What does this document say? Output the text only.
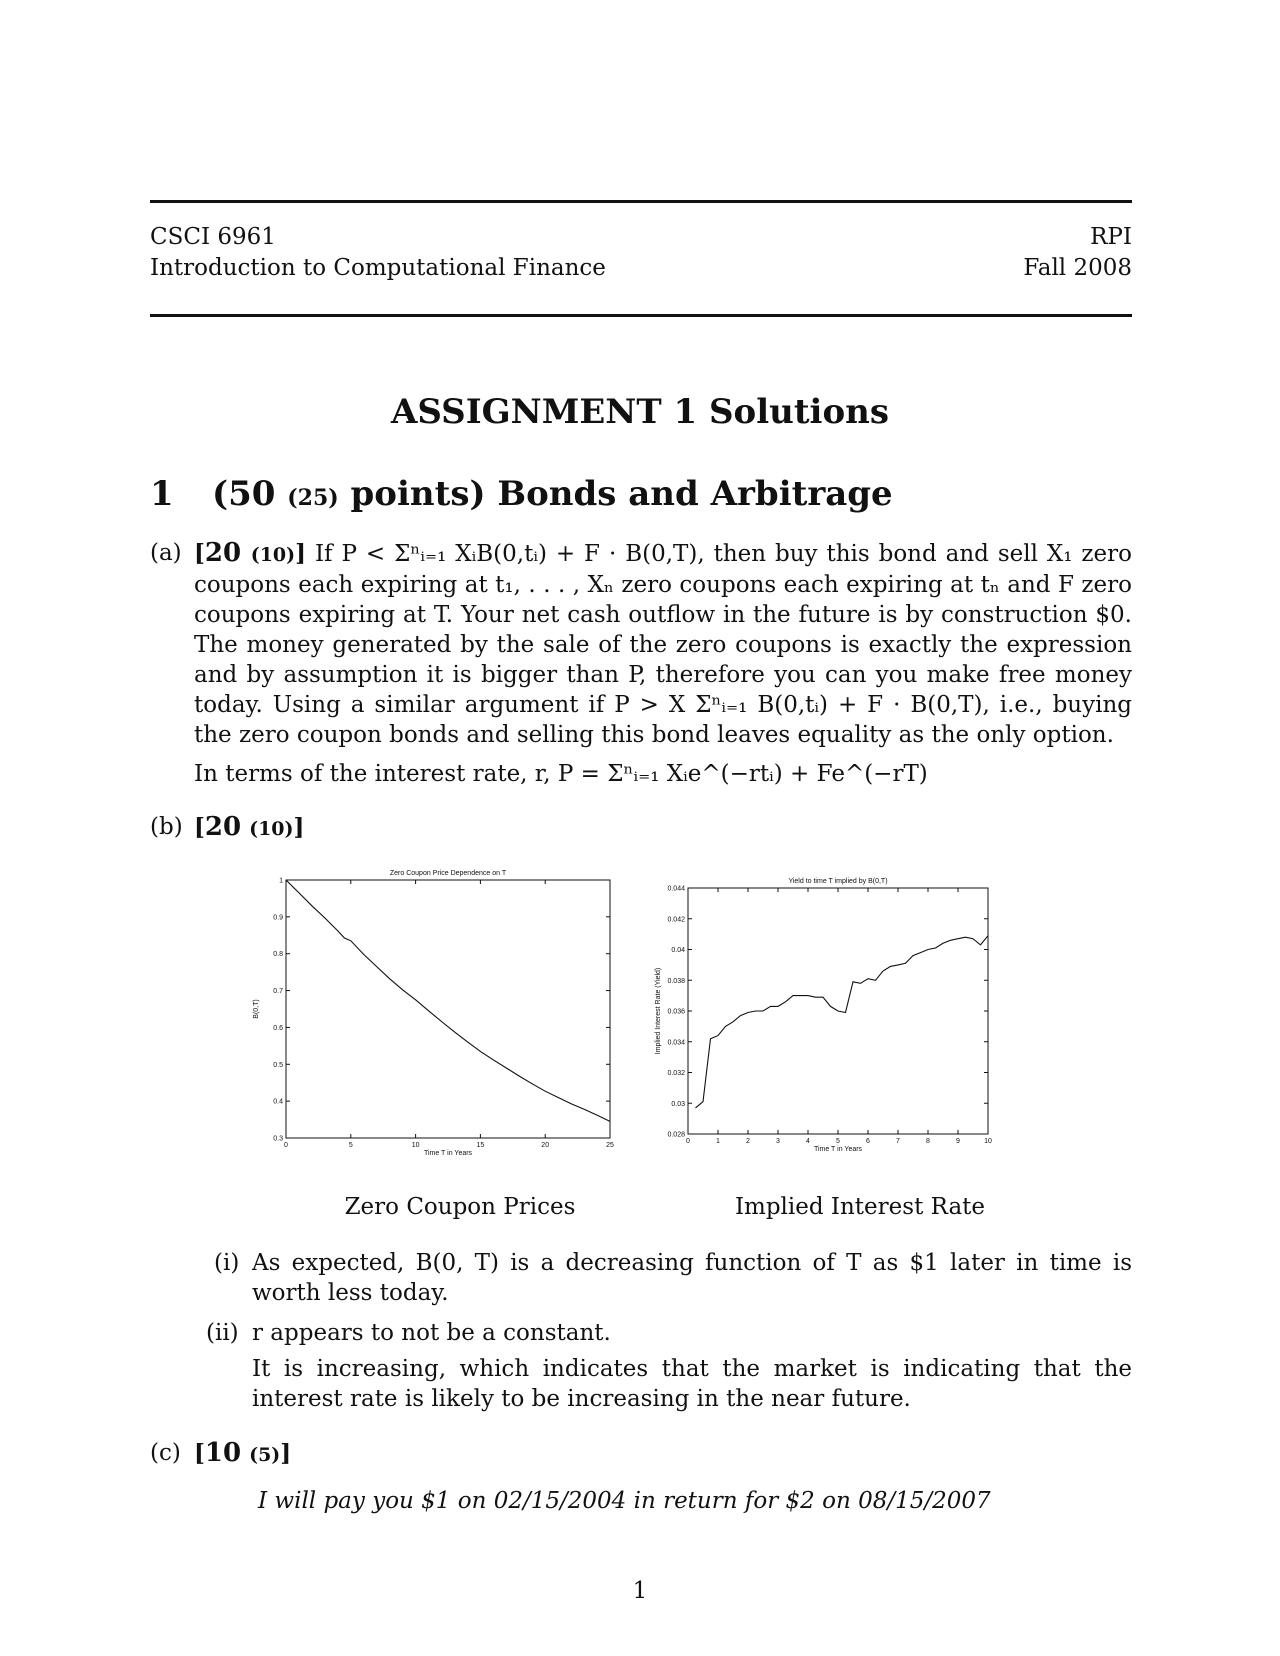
CSCI 6961
Introduction to Computational Finance
RPI
Fall 2008
ASSIGNMENT 1 Solutions
1 (50 (25) points) Bonds and Arbitrage
(a) [20 (10)] If P < Σⁿᵢ₌₁ XᵢB(0,tᵢ) + F · B(0,T), then buy this bond and sell X₁ zero coupons each expiring at t₁, . . . , Xₙ zero coupons each expiring at tₙ and F zero coupons expiring at T. Your net cash outflow in the future is by construction $0. The money generated by the sale of the zero coupons is exactly the expression and by assumption it is bigger than P, therefore you can you make free money today. Using a similar argument if P > X Σⁿᵢ₌₁ B(0,tᵢ) + F · B(0,T), i.e., buying the zero coupon bonds and selling this bond leaves equality as the only option.
In terms of the interest rate, r, P = Σⁿᵢ₌₁ Xᵢe^(−rtᵢ) + Fe^(−rT)
(b) [20 (10)]
0	5	10	15	20	25
0.3
0.4
0.5
0.6
0.7
0.8
0.9
1
Zero Coupon Price Dependence on T
Time T in Years
B(0,T)
0	1	2	3	4	5	6	7	8	9	10
0.028
0.03
0.032
0.034
0.036
0.038
0.04
0.042
0.044
Yield to time T implied by B(0,T)
Time T in Years
Implied Interest Rate (Yield)
Zero Coupon Prices	Implied Interest Rate
(i) As expected, B(0, T) is a decreasing function of T as $1 later in time is worth less today.
(ii) r appears to not be a constant.
It is increasing, which indicates that the market is indicating that the interest rate is likely to be increasing in the near future.
(c) [10 (5)]
I will pay you $1 on 02/15/2004 in return for $2 on 08/15/2007
1
